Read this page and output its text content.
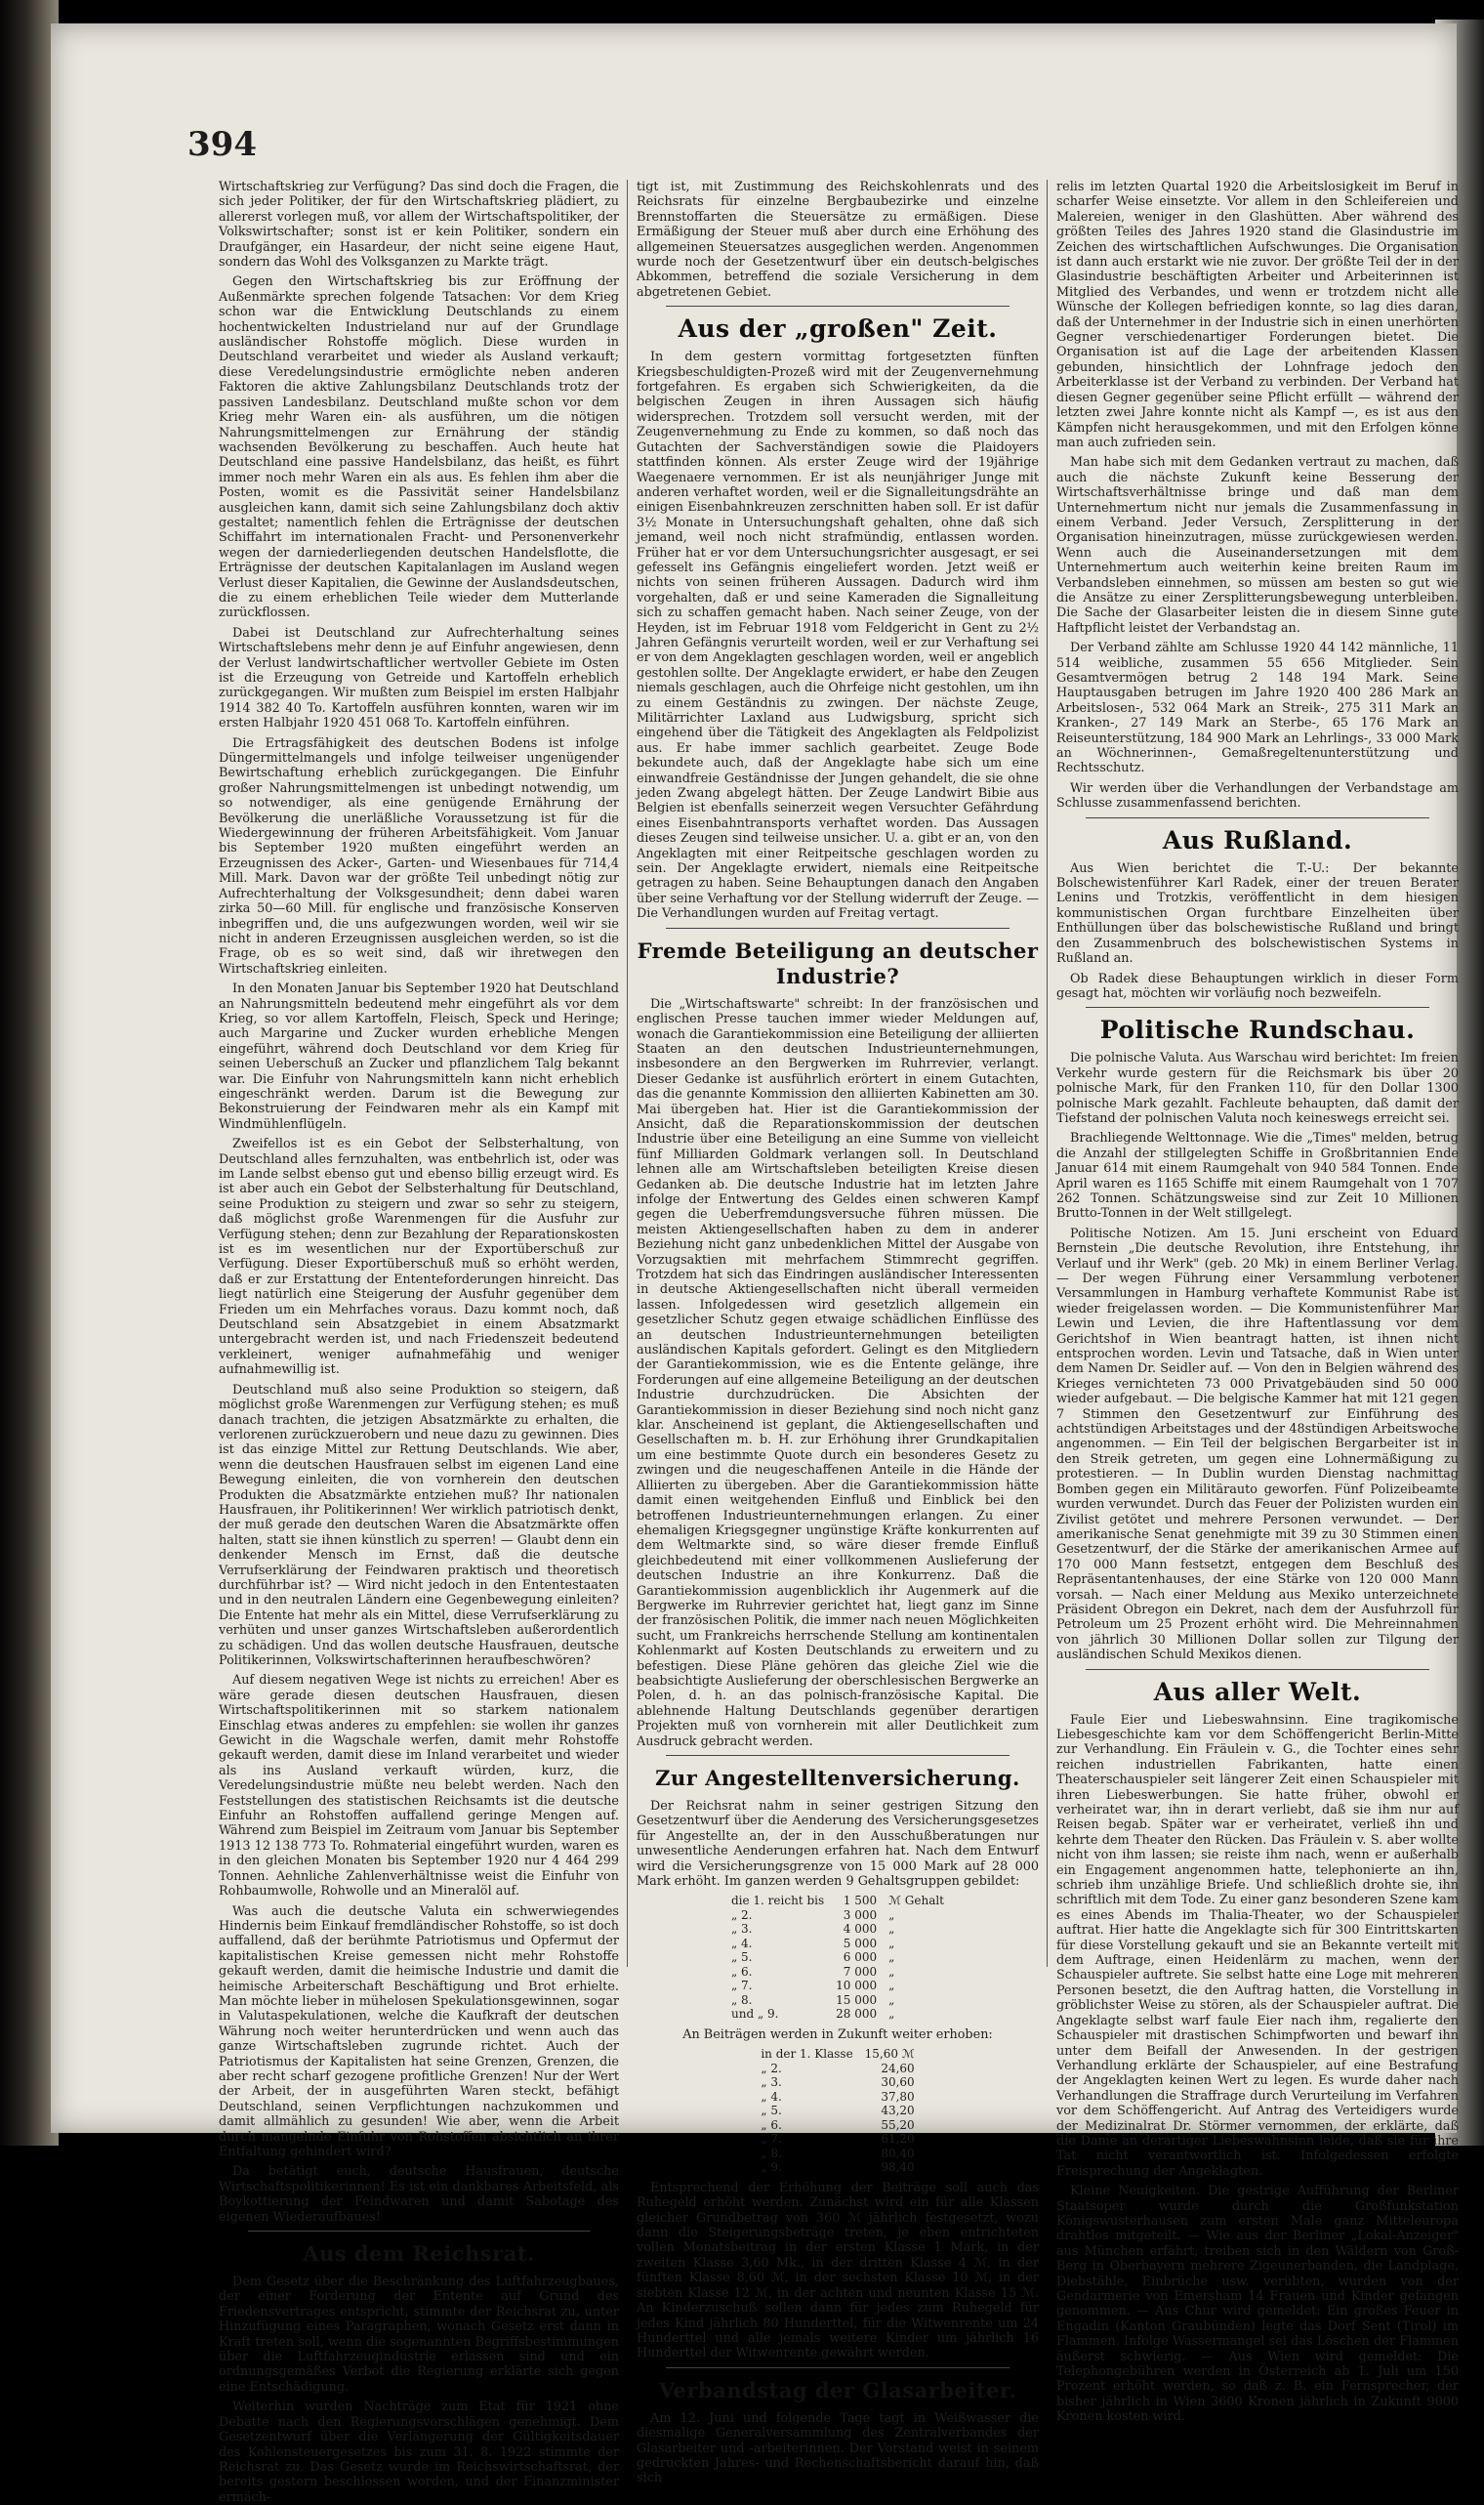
394

Wirtschaftskrieg zur Verfügung? Das sind doch die Fragen, die sich jeder Politiker, der für den Wirtschaftskrieg plädiert, zu allererst vorlegen muß, vor allem der Wirtschaftspolitiker, der Volkswirtschafter; sonst ist er kein Politiker, sondern ein Draufgänger, ein Hasardeur, der nicht seine eigene Haut, sondern das Wohl des Volksganzen zu Markte trägt.

Gegen den Wirtschaftskrieg bis zur Eröffnung der Außenmärkte sprechen folgende Tatsachen: Vor dem Krieg schon war die Entwicklung Deutschlands zu einem hochentwickelten Industrieland nur auf der Grundlage ausländischer Rohstoffe möglich. Diese wurden in Deutschland verarbeitet und wieder als Ausland verkauft; diese Veredelungsindustrie ermöglichte neben anderen Faktoren die aktive Zahlungsbilanz Deutschlands trotz der passiven Landesbilanz. Deutschland mußte schon vor dem Krieg mehr Waren ein- als ausführen, um die nötigen Nahrungsmittelmengen zur Ernährung der ständig wachsenden Bevölkerung zu beschaffen. Auch heute hat Deutschland eine passive Handelsbilanz, das heißt, es führt immer noch mehr Waren ein als aus. Es fehlen ihm aber die Posten, womit es die Passivität seiner Handelsbilanz ausgleichen kann, damit sich seine Zahlungsbilanz doch aktiv gestaltet; namentlich fehlen die Erträgnisse der deutschen Schiffahrt im internationalen Fracht- und Personenverkehr wegen der darniederliegenden deutschen Handelsflotte, die Erträgnisse der deutschen Kapitalanlagen im Ausland wegen Verlust dieser Kapitalien, die Gewinne der Auslandsdeutschen, die zu einem erheblichen Teile wieder dem Mutterlande zurückflossen.

Dabei ist Deutschland zur Aufrechterhaltung seines Wirtschaftslebens mehr denn je auf Einfuhr angewiesen, denn der Verlust landwirtschaftlicher wertvoller Gebiete im Osten ist die Erzeugung von Getreide und Kartoffeln erheblich zurückgegangen. Wir mußten zum Beispiel im ersten Halbjahr 1914 382 40 To. Kartoffeln ausführen konnten, waren wir im ersten Halbjahr 1920 451 068 To. Kartoffeln einführen.

Die Ertragsfähigkeit des deutschen Bodens ist infolge Düngermittelmangels und infolge teilweiser ungenügender Bewirtschaftung erheblich zurückgegangen. Die Einfuhr großer Nahrungsmittelmengen ist unbedingt notwendig, um so notwendiger, als eine genügende Ernährung der Bevölkerung die unerläßliche Voraussetzung ist für die Wiedergewinnung der früheren Arbeitsfähigkeit. Vom Januar bis September 1920 mußten eingeführt werden an Erzeugnissen des Acker-, Garten- und Wiesenbaues für 714,4 Mill. Mark. Davon war der größte Teil unbedingt nötig zur Aufrechterhaltung der Volksgesundheit; denn dabei waren zirka 50—60 Mill. für englische und französische Konserven inbegriffen und, die uns aufgezwungen worden, weil wir sie nicht in anderen Erzeugnissen ausgleichen werden, so ist die Frage, ob es so weit sind, daß wir ihretwegen den Wirtschaftskrieg einleiten.

In den Monaten Januar bis September 1920 hat Deutschland an Nahrungsmitteln bedeutend mehr eingeführt als vor dem Krieg, so vor allem Kartoffeln, Fleisch, Speck und Heringe; auch Margarine und Zucker wurden erhebliche Mengen eingeführt, während doch Deutschland vor dem Krieg für seinen Ueberschuß an Zucker und pflanzlichem Talg bekannt war. Die Einfuhr von Nahrungsmitteln kann nicht erheblich eingeschränkt werden. Darum ist die Bewegung zur Bekonstruierung der Feindwaren mehr als ein Kampf mit Windmühlenflügeln.

Zweifellos ist es ein Gebot der Selbsterhaltung, von Deutschland alles fernzuhalten, was entbehrlich ist, oder was im Lande selbst ebenso gut und ebenso billig erzeugt wird. Es ist aber auch ein Gebot der Selbsterhaltung für Deutschland, seine Produktion zu steigern und zwar so sehr zu steigern, daß möglichst große Warenmengen für die Ausfuhr zur Verfügung stehen; denn zur Bezahlung der Reparationskosten ist es im wesentlichen nur der Exportüberschuß zur Verfügung. Dieser Exportüberschuß muß so erhöht werden, daß er zur Erstattung der Ententeforderungen hinreicht. Das liegt natürlich eine Steigerung der Ausfuhr gegenüber dem Frieden um ein Mehrfaches voraus. Dazu kommt noch, daß Deutschland sein Absatzgebiet in einem Absatzmarkt untergebracht werden ist, und nach Friedenszeit bedeutend verkleinert, weniger aufnahmefähig und weniger aufnahmewillig ist.

Deutschland muß also seine Produktion so steigern, daß möglichst große Warenmengen zur Verfügung stehen; es muß danach trachten, die jetzigen Absatzmärkte zu erhalten, die verlorenen zurückzuerobern und neue dazu zu gewinnen. Dies ist das einzige Mittel zur Rettung Deutschlands. Wie aber, wenn die deutschen Hausfrauen selbst im eigenen Land eine Bewegung einleiten, die von vornherein den deutschen Produkten die Absatzmärkte entziehen muß? Ihr nationalen Hausfrauen, ihr Politikerinnen! Wer wirklich patriotisch denkt, der muß gerade den deutschen Waren die Absatzmärkte offen halten, statt sie ihnen künstlich zu sperren! — Glaubt denn ein denkender Mensch im Ernst, daß die deutsche Verrufserklärung der Feindwaren praktisch und theoretisch durchführbar ist? — Wird nicht jedoch in den Ententestaaten und in den neutralen Ländern eine Gegenbewegung einleiten? Die Entente hat mehr als ein Mittel, diese Verrufserklärung zu verhüten und unser ganzes Wirtschaftsleben außerordentlich zu schädigen. Und das wollen deutsche Hausfrauen, deutsche Politikerinnen, Volkswirtschafterinnen heraufbeschwören?

Auf diesem negativen Wege ist nichts zu erreichen! Aber es wäre gerade diesen deutschen Hausfrauen, diesen Wirtschaftspolitikerinnen mit so starkem nationalem Einschlag etwas anderes zu empfehlen: sie wollen ihr ganzes Gewicht in die Wagschale werfen, damit mehr Rohstoffe gekauft werden, damit diese im Inland verarbeitet und wieder als ins Ausland verkauft würden, kurz, die Veredelungsindustrie müßte neu belebt werden. Nach den Feststellungen des statistischen Reichsamts ist die deutsche Einfuhr an Rohstoffen auffallend geringe Mengen auf. Während zum Beispiel im Zeitraum vom Januar bis September 1913 12 138 773 To. Rohmaterial eingeführt wurden, waren es in den gleichen Monaten bis September 1920 nur 4 464 299 Tonnen. Aehnliche Zahlenverhältnisse weist die Einfuhr von Rohbaumwolle, Rohwolle und an Mineralöl auf.

Was auch die deutsche Valuta ein schwerwiegendes Hindernis beim Einkauf fremdländischer Rohstoffe, so ist doch auffallend, daß der berühmte Patriotismus und Opfermut der kapitalistischen Kreise gemessen nicht mehr Rohstoffe gekauft werden, damit die heimische Industrie und damit die heimische Arbeiterschaft Beschäftigung und Brot erhielte. Man möchte lieber in mühelosen Spekulationsgewinnen, sogar in Valutaspekulationen, welche die Kaufkraft der deutschen Währung noch weiter herunterdrücken und wenn auch das ganze Wirtschaftsleben zugrunde richtet. Auch der Patriotismus der Kapitalisten hat seine Grenzen, Grenzen, die aber recht scharf gezogene profitliche Grenzen! Nur der Wert der Arbeit, der in ausgeführten Waren steckt, befähigt Deutschland, seinen Verpflichtungen nachzukommen und damit allmählich zu gesunden! Wie aber, wenn die Arbeit durch mangelnde Einfuhr von Rohstoffen absichtlich an ihrer Entfaltung gehindert wird?

Da betätigt euch, deutsche Hausfrauen, deutsche Wirtschaftspolitikerinnen! Es ist ein dankbares Arbeitsfeld, als Boykottierung der Feindwaren und damit Sabotage des eigenen Wiederaufbaues!

Aus dem Reichsrat.

Dem Gesetz über die Beschränkung des Luftfahrzeugbaues, der einer Forderung der Entente auf Grund des Friedensvertrages entspricht, stimmte der Reichsrat zu, unter Hinzufügung eines Paragraphen, wonach Gesetz erst dann in Kraft treten soll, wenn die sogenannten Begriffsbestimmungen über die Luftfahrzeugindustrie erlassen sind und ein ordnungsgemäßes Verbot die Regierung erklärte sich gegen eine Entschädigung.

Weiterhin wurden Nachträge zum Etat für 1921 ohne Debatte nach den Regierungsvorschlägen genehmigt. Dem Gesetzentwurf über die Verlängerung der Gültigkeitsdauer des Kohlensteuergesetzes bis zum 31. 8. 1922 stimmte der Reichsrat zu. Das Gesetz wurde im Reichswirtschaftsrat, der bereits gestern beschlossen worden, und der Finanzminister ermäch-

tigt ist, mit Zustimmung des Reichskohlenrats und des Reichsrats für einzelne Bergbaubezirke und einzelne Brennstoffarten die Steuersätze zu ermäßigen. Diese Ermäßigung der Steuer muß aber durch eine Erhöhung des allgemeinen Steuersatzes ausgeglichen werden. Angenommen wurde noch der Gesetzentwurf über ein deutsch-belgisches Abkommen, betreffend die soziale Versicherung in dem abgetretenen Gebiet.

Aus der „großen" Zeit.

In dem gestern vormittag fortgesetzten fünften Kriegsbeschuldigten-Prozeß wird mit der Zeugenvernehmung fortgefahren. Es ergaben sich Schwierigkeiten, da die belgischen Zeugen in ihren Aussagen sich häufig widersprechen. Trotzdem soll versucht werden, mit der Zeugenvernehmung zu Ende zu kommen, so daß noch das Gutachten der Sachverständigen sowie die Plaidoyers stattfinden können. Als erster Zeuge wird der 19jährige Waegenaere vernommen. Er ist als neunjähriger Junge mit anderen verhaftet worden, weil er die Signalleitungsdrähte an einigen Eisenbahnkreuzen zerschnitten haben soll. Er ist dafür 3½ Monate in Untersuchungshaft gehalten, ohne daß sich jemand, weil noch nicht strafmündig, entlassen worden. Früher hat er vor dem Untersuchungsrichter ausgesagt, er sei gefesselt ins Gefängnis eingeliefert worden. Jetzt weiß er nichts von seinen früheren Aussagen. Dadurch wird ihm vorgehalten, daß er und seine Kameraden die Signalleitung sich zu schaffen gemacht haben. Nach seiner Zeuge, von der Heyden, ist im Februar 1918 vom Feldgericht in Gent zu 2½ Jahren Gefängnis verurteilt worden, weil er zur Verhaftung sei er von dem Angeklagten geschlagen worden, weil er angeblich gestohlen sollte. Der Angeklagte erwidert, er habe den Zeugen niemals geschlagen, auch die Ohrfeige nicht gestohlen, um ihn zu einem Geständnis zu zwingen. Der nächste Zeuge, Militärrichter Laxland aus Ludwigsburg, spricht sich eingehend über die Tätigkeit des Angeklagten als Feldpolizist aus. Er habe immer sachlich gearbeitet. Zeuge Bode bekundete auch, daß der Angeklagte habe sich um eine einwandfreie Geständnisse der Jungen gehandelt, die sie ohne jeden Zwang abgelegt hätten. Der Zeuge Landwirt Bibie aus Belgien ist ebenfalls seinerzeit wegen Versuchter Gefährdung eines Eisenbahntransports verhaftet worden. Das Aussagen dieses Zeugen sind teilweise unsicher. U. a. gibt er an, von den Angeklagten mit einer Reitpeitsche geschlagen worden zu sein. Der Angeklagte erwidert, niemals eine Reitpeitsche getragen zu haben. Seine Behauptungen danach den Angaben über seine Verhaftung vor der Stellung widerruft der Zeuge. — Die Verhandlungen wurden auf Freitag vertagt.

Fremde Beteiligung an deutscher Industrie?

Die „Wirtschaftswarte" schreibt: In der französischen und englischen Presse tauchen immer wieder Meldungen auf, wonach die Garantiekommission eine Beteiligung der alliierten Staaten an den deutschen Industrieunternehmungen, insbesondere an den Bergwerken im Ruhrrevier, verlangt. Dieser Gedanke ist ausführlich erörtert in einem Gutachten, das die genannte Kommission den alliierten Kabinetten am 30. Mai übergeben hat. Hier ist die Garantiekommission der Ansicht, daß die Reparationskommission der deutschen Industrie über eine Beteiligung an eine Summe von vielleicht fünf Milliarden Goldmark verlangen soll. In Deutschland lehnen alle am Wirtschaftsleben beteiligten Kreise diesen Gedanken ab. Die deutsche Industrie hat im letzten Jahre infolge der Entwertung des Geldes einen schweren Kampf gegen die Ueberfremdungsversuche führen müssen. Die meisten Aktiengesellschaften haben zu dem in anderer Beziehung nicht ganz unbedenklichen Mittel der Ausgabe von Vorzugsaktien mit mehrfachem Stimmrecht gegriffen. Trotzdem hat sich das Eindringen ausländischer Interessenten in deutsche Aktiengesellschaften nicht überall vermeiden lassen. Infolgedessen wird gesetzlich allgemein ein gesetzlicher Schutz gegen etwaige schädlichen Einflüsse des an deutschen Industrieunternehmungen beteiligten ausländischen Kapitals gefordert. Gelingt es den Mitgliedern der Garantiekommission, wie es die Entente gelänge, ihre Forderungen auf eine allgemeine Beteiligung an der deutschen Industrie durchzudrücken. Die Absichten der Garantiekommission in dieser Beziehung sind noch nicht ganz klar. Anscheinend ist geplant, die Aktiengesellschaften und Gesellschaften m. b. H. zur Erhöhung ihrer Grundkapitalien um eine bestimmte Quote durch ein besonderes Gesetz zu zwingen und die neugeschaffenen Anteile in die Hände der Alliierten zu übergeben. Aber die Garantiekommission hätte damit einen weitgehenden Einfluß und Einblick bei den betroffenen Industrieunternehmungen erlangen. Zu einer ehemaligen Kriegsgegner ungünstige Kräfte konkurrenten auf dem Weltmarkte sind, so wäre dieser fremde Einfluß gleichbedeutend mit einer vollkommenen Auslieferung der deutschen Industrie an ihre Konkurrenz. Daß die Garantiekommission augenblicklich ihr Augenmerk auf die Bergwerke im Ruhrrevier gerichtet hat, liegt ganz im Sinne der französischen Politik, die immer nach neuen Möglichkeiten sucht, um Frankreichs herrschende Stellung am kontinentalen Kohlenmarkt auf Kosten Deutschlands zu erweitern und zu befestigen. Diese Pläne gehören das gleiche Ziel wie die beabsichtigte Auslieferung der oberschlesischen Bergwerke an Polen, d. h. an das polnisch-französische Kapital. Die ablehnende Haltung Deutschlands gegenüber derartigen Projekten muß von vornherein mit aller Deutlichkeit zum Ausdruck gebracht werden.

Zur Angestelltenversicherung.

Der Reichsrat nahm in seiner gestrigen Sitzung den Gesetzentwurf über die Aenderung des Versicherungsgesetzes für Angestellte an, der in den Ausschußberatungen nur unwesentliche Aenderungen erfahren hat. Nach dem Entwurf wird die Versicherungsgrenze von 15 000 Mark auf 28 000 Mark erhöht. Im ganzen werden 9 Gehaltsgruppen gebildet:

die 1. reicht bis	1 500	ℳ Gehalt
„ 2.	3 000	„
„ 3.	4 000	„
„ 4.	5 000	„
„ 5.	6 000	„
„ 6.	7 000	„
„ 7.	10 000	„
„ 8.	15 000	„
und „ 9.	28 000	„

An Beiträgen werden in Zukunft weiter erhoben:

in der 1. Klasse	15,60 ℳ
„ 2.	24,60
„ 3.	30,60
„ 4.	37,80
„ 5.	43,20
„ 6.	55,20
„ 7.	61,20
„ 8.	80,40
„ 9.	98,40

Entsprechend der Erhöhung der Beiträge soll auch das Ruhegeld erhöht werden. Zunächst wird ein für alle Klassen gleicher Grundbetrag von 360 ℳ jährlich festgesetzt, wozu dann die Steigerungsbeträge treten, je eben entrichteten vollen Monatsbeitrag in der ersten Klasse 1 Mark, in der zweiten Klasse 3,60 Mk., in der dritten Klasse 4 ℳ, in der fünften Klasse 8,60 ℳ, in der sechsten Klasse 10 ℳ, in der siebten Klasse 12 ℳ, in der achten und neunten Klasse 15 ℳ. An Kinderzuschuß sollen dann für jedes zum Ruhegeld für jedes Kind jährlich 80 Hunderttel, für die Witwenrente um 24 Hunderttel und alle jemals weitere Kinder um jährlich 16 Hunderttel der Witwenrente gewährt werden.

Verbandstag der Glasarbeiter.

Am 12. Juni und folgende Tage tagt in Weißwasser die diesmalige Generalversammlung des Zentralverbandes der Glasarbeiter und -arbeiterinnen. Der Vorstand weist in seinem gedruckten Jahres- und Rechenschaftsbericht darauf hin, daß sich

relis im letzten Quartal 1920 die Arbeitslosigkeit im Beruf in scharfer Weise einsetzte. Vor allem in den Schleifereien und Malereien, weniger in den Glashütten. Aber während des größten Teiles des Jahres 1920 stand die Glasindustrie im Zeichen des wirtschaftlichen Aufschwunges. Die Organisation ist dann auch erstarkt wie nie zuvor. Der größte Teil der in der Glasindustrie beschäftigten Arbeiter und Arbeiterinnen ist Mitglied des Verbandes, und wenn er trotzdem nicht alle Wünsche der Kollegen befriedigen konnte, so lag dies daran, daß der Unternehmer in der Industrie sich in einen unerhörten Gegner verschiedenartiger Forderungen bietet. Die Organisation ist auf die Lage der arbeitenden Klassen gebunden, hinsichtlich der Lohnfrage jedoch den Arbeiterklasse ist der Verband zu verbinden. Der Verband hat diesen Gegner gegenüber seine Pflicht erfüllt — während der letzten zwei Jahre konnte nicht als Kampf —, es ist aus den Kämpfen nicht herausgekommen, und mit den Erfolgen könne man auch zufrieden sein.

Man habe sich mit dem Gedanken vertraut zu machen, daß auch die nächste Zukunft keine Besserung der Wirtschaftsverhältnisse bringe und daß man dem Unternehmertum nicht nur jemals die Zusammenfassung in einem Verband. Jeder Versuch, Zersplitterung in der Organisation hineinzutragen, müsse zurückgewiesen werden. Wenn auch die Auseinandersetzungen mit dem Unternehmertum auch weiterhin keine breiten Raum im Verbandsleben einnehmen, so müssen am besten so gut wie die Ansätze zu einer Zersplitterungsbewegung unterbleiben. Die Sache der Glasarbeiter leisten die in diesem Sinne gute Haftpflicht leistet der Verbandstag an.

Der Verband zählte am Schlusse 1920 44 142 männliche, 11 514 weibliche, zusammen 55 656 Mitglieder. Sein Gesamtvermögen betrug 2 148 194 Mark. Seine Hauptausgaben betrugen im Jahre 1920 400 286 Mark an Arbeitslosen-, 532 064 Mark an Streik-, 275 311 Mark an Kranken-, 27 149 Mark an Sterbe-, 65 176 Mark an Reiseunterstützung, 184 900 Mark an Lehrlings-, 33 000 Mark an Wöchnerinnen-, Gemaßregeltenunterstützung und Rechtsschutz.

Wir werden über die Verhandlungen der Verbandstage am Schlusse zusammenfassend berichten.

Aus Rußland.

Aus Wien berichtet die T.-U.: Der bekannte Bolschewistenführer Karl Radek, einer der treuen Berater Lenins und Trotzkis, veröffentlicht in dem hiesigen kommunistischen Organ furchtbare Einzelheiten über Enthüllungen über das bolschewistische Rußland und bringt den Zusammenbruch des bolschewistischen Systems in Rußland an.

Ob Radek diese Behauptungen wirklich in dieser Form gesagt hat, möchten wir vorläufig noch bezweifeln.

Politische Rundschau.

Die polnische Valuta. Aus Warschau wird berichtet: Im freien Verkehr wurde gestern für die Reichsmark bis über 20 polnische Mark, für den Franken 110, für den Dollar 1300 polnische Mark gezahlt. Fachleute behaupten, daß damit der Tiefstand der polnischen Valuta noch keineswegs erreicht sei.

Brachliegende Welttonnage. Wie die „Times" melden, betrug die Anzahl der stillgelegten Schiffe in Großbritannien Ende Januar 614 mit einem Raumgehalt von 940 584 Tonnen. Ende April waren es 1165 Schiffe mit einem Raumgehalt von 1 707 262 Tonnen. Schätzungsweise sind zur Zeit 10 Millionen Brutto-Tonnen in der Welt stillgelegt.

Politische Notizen. Am 15. Juni erscheint von Eduard Bernstein „Die deutsche Revolution, ihre Entstehung, ihr Verlauf und ihr Werk" (geb. 20 Mk) in einem Berliner Verlag. — Der wegen Führung einer Versammlung verbotener Versammlungen in Hamburg verhaftete Kommunist Rabe ist wieder freigelassen worden. — Die Kommunistenführer Mar Lewin und Levien, die ihre Haftentlassung vor dem Gerichtshof in Wien beantragt hatten, ist ihnen nicht entsprochen worden. Levin und Tatsache, daß in Wien unter dem Namen Dr. Seidler auf. — Von den in Belgien während des Krieges vernichteten 73 000 Privatgebäuden sind 50 000 wieder aufgebaut. — Die belgische Kammer hat mit 121 gegen 7 Stimmen den Gesetzentwurf zur Einführung des achtstündigen Arbeitstages und der 48stündigen Arbeitswoche angenommen. — Ein Teil der belgischen Bergarbeiter ist in den Streik getreten, um gegen eine Lohnermäßigung zu protestieren. — In Dublin wurden Dienstag nachmittag Bomben gegen ein Militärauto geworfen. Fünf Polizeibeamte wurden verwundet. Durch das Feuer der Polizisten wurden ein Zivilist getötet und mehrere Personen verwundet. — Der amerikanische Senat genehmigte mit 39 zu 30 Stimmen einen Gesetzentwurf, der die Stärke der amerikanischen Armee auf 170 000 Mann festsetzt, entgegen dem Beschluß des Repräsentantenhauses, der eine Stärke von 120 000 Mann vorsah. — Nach einer Meldung aus Mexiko unterzeichnete Präsident Obregon ein Dekret, nach dem der Ausfuhrzoll für Petroleum um 25 Prozent erhöht wird. Die Mehreinnahmen von jährlich 30 Millionen Dollar sollen zur Tilgung der ausländischen Schuld Mexikos dienen.

Aus aller Welt.

Faule Eier und Liebeswahnsinn. Eine tragikomische Liebesgeschichte kam vor dem Schöffengericht Berlin-Mitte zur Verhandlung. Ein Fräulein v. G., die Tochter eines sehr reichen industriellen Fabrikanten, hatte einen Theaterschauspieler seit längerer Zeit einen Schauspieler mit ihren Liebeswerbungen. Sie hatte früher, obwohl er verheiratet war, ihn in derart verliebt, daß sie ihm nur auf Reisen begab. Später war er verheiratet, verließ ihn und kehrte dem Theater den Rücken. Das Fräulein v. S. aber wollte nicht von ihm lassen; sie reiste ihm nach, wenn er außerhalb ein Engagement angenommen hatte, telephonierte an ihn, schrieb ihm unzählige Briefe. Und schließlich drohte sie, ihn schriftlich mit dem Tode. Zu einer ganz besonderen Szene kam es eines Abends im Thalia-Theater, wo der Schauspieler auftrat. Hier hatte die Angeklagte sich für 300 Eintrittskarten für diese Vorstellung gekauft und sie an Bekannte verteilt mit dem Auftrage, einen Heidenlärm zu machen, wenn der Schauspieler auftrete. Sie selbst hatte eine Loge mit mehreren Personen besetzt, die den Auftrag hatten, die Vorstellung in gröblichster Weise zu stören, als der Schauspieler auftrat. Die Angeklagte selbst warf faule Eier nach ihm, regalierte den Schauspieler mit drastischen Schimpfworten und bewarf ihn unter dem Beifall der Anwesenden. In der gestrigen Verhandlung erklärte der Schauspieler, auf eine Bestrafung der Angeklagten keinen Wert zu legen. Es wurde daher nach Verhandlungen die Straffrage durch Verurteilung im Verfahren vor dem Schöffengericht. Auf Antrag des Verteidigers wurde der Medizinalrat Dr. Störmer vernommen, der erklärte, daß die Dame an derartiger Liebeswahnsinn leide, daß sie für ihre Tat nicht verantwortlich ist. Infolgedessen erfolgte Freisprechung der Angeklagten.

Kleine Neuigkeiten. Die gestrige Aufführung der Berliner Staatsoper wurde durch die Großfunkstation Königswusterhausen zum ersten Male ganz Mitteleuropa drahtlos mitgeteilt. — Wie aus der Berliner „Lokal-Anzeiger" aus München erfährt, treiben sich in den Wäldern von Groß-Berg in Oberbayern mehrere Zigeunerbanden, die Landplage, Diebstähle, Einbrüche usw. verübten, wurden von der Gendarmerie von Emersham 14 Frauen und Kinder gefangen genommen. — Aus Chur wird gemeldet: Ein großes Feuer in Engadin (Kanton Graubünden) legte das Dorf Sent (Tirol) im Flammen. Infolge Wassermangel sei das Löschen der Flammen äußerst schwierig. — Aus Wien wird gemeldet: Die Telephongebühren werden in Österreich ab 1. Juli um 150 Prozent erhöht werden, so daß z. B. ein Fernsprecher, der bisher jährlich in Wien 3600 Kronen jährlich in Zukunft 9000 Kronen kosten wird.
